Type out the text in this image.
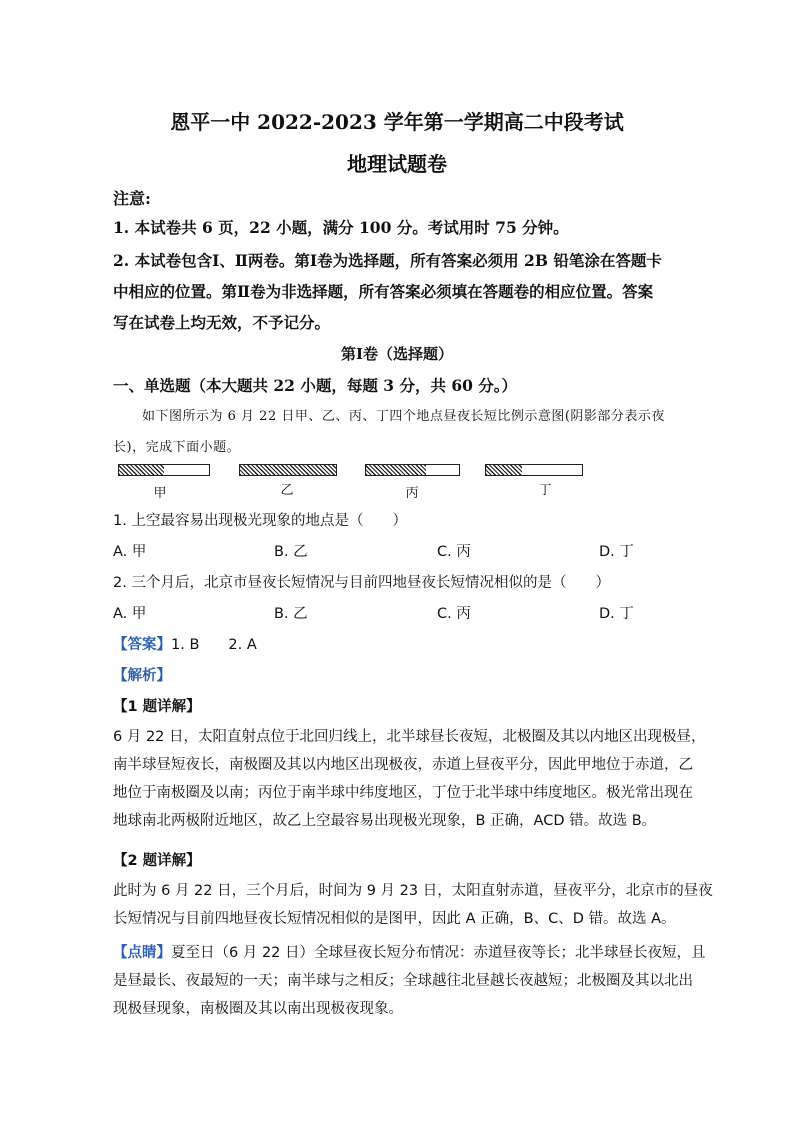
恩平一中 2022-2023 学年第一学期高二中段考试
地理试题卷
注意:
1. 本试卷共 6 页，22 小题，满分 100 分。考试用时 75 分钟。
2. 本试卷包含Ⅰ、Ⅱ两卷。第Ⅰ卷为选择题，所有答案必须用 2B 铅笔涂在答题卡
中相应的位置。第Ⅱ卷为非选择题，所有答案必须填在答题卷的相应位置。答案
写在试卷上均无效，不予记分。
第Ⅰ卷（选择题）
一、单选题（本大题共 22 小题，每题 3 分，共 60 分。）
如下图所示为 6 月 22 日甲、乙、丙、丁四个地点昼夜长短比例示意图(阴影部分表示夜
长)，完成下面小题。
甲	乙	丙	丁
1. 上空最容易出现极光现象的地点是（　　）
A. 甲	B. 乙	C. 丙	D. 丁
2. 三个月后，北京市昼夜长短情况与目前四地昼夜长短情况相似的是（　　）
A. 甲	B. 乙	C. 丙	D. 丁
【答案】1. B　　2. A
【解析】
【1 题详解】
6 月 22 日，太阳直射点位于北回归线上，北半球昼长夜短，北极圈及其以内地区出现极昼，
南半球昼短夜长，南极圈及其以内地区出现极夜，赤道上昼夜平分，因此甲地位于赤道，乙
地位于南极圈及以南；丙位于南半球中纬度地区，丁位于北半球中纬度地区。极光常出现在
地球南北两极附近地区，故乙上空最容易出现极光现象，B 正确，ACD 错。故选 B。
【2 题详解】
此时为 6 月 22 日，三个月后，时间为 9 月 23 日，太阳直射赤道，昼夜平分，北京市的昼夜
长短情况与目前四地昼夜长短情况相似的是图甲，因此 A 正确，B、C、D 错。故选 A。
【点睛】夏至日（6 月 22 日）全球昼夜长短分布情况：赤道昼夜等长；北半球昼长夜短，且
是昼最长、夜最短的一天；南半球与之相反；全球越往北昼越长夜越短；北极圈及其以北出
现极昼现象，南极圈及其以南出现极夜现象。
